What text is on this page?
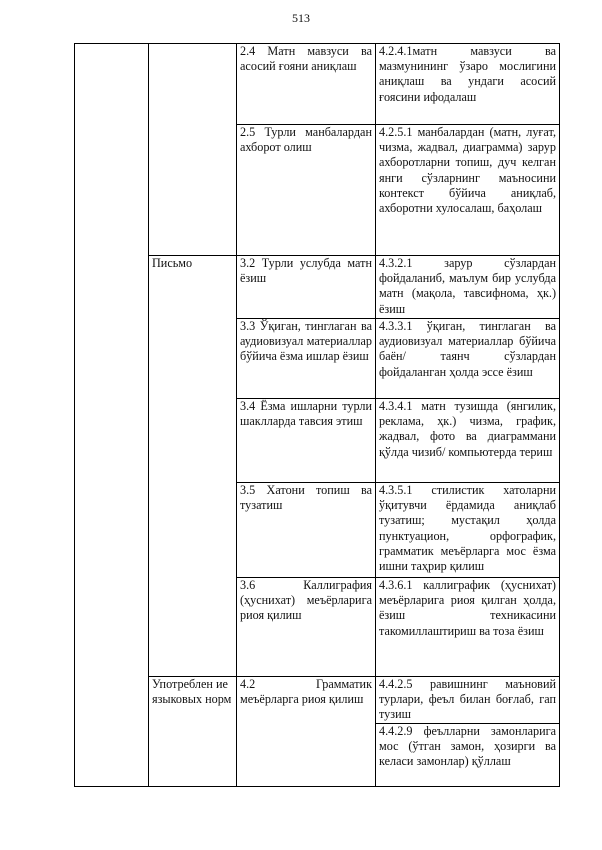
513
		2.4 Матн мавзуси ва асосий ғояни аниқлаш	4.2.4.1матн мавзуси ва мазмунининг ўзаро мослигини аниқлаш ва ундаги асосий ғоясини ифодалаш
		2.5 Турли манбалардан ахборот олиш	4.2.5.1 манбалардан (матн, луғат, чизма, жадвал, диаграмма) зарур ахборотларни топиш, дуч келган янги сўзларнинг маъносини контекст бўйича аниқлаб, ахборотни хулосалаш, баҳолаш
	Письмо	3.2 Турли услубда матн ёзиш	4.3.2.1 зарур сўзлардан фойдаланиб, маълум бир услубда матн (мақола, тавсифнома, ҳк.) ёзиш
		3.3 Ўқиган, тинглаган ва аудиовизуал материаллар бўйича ёзма ишлар ёзиш	4.3.3.1 ўқиган, тинглаган ва аудиовизуал материаллар бўйича баён/ таянч сўзлардан фойдаланган ҳолда эссе ёзиш
		3.4 Ёзма ишларни турли шаклларда тавсия этиш	4.3.4.1 матн тузишда (янгилик, реклама, ҳк.) чизма, график, жадвал, фото ва диаграммани қўлда чизиб/ компьютерда териш
		3.5 Хатони топиш ва тузатиш	4.3.5.1 стилистик хатоларни ўқитувчи ёрдамида аниқлаб тузатиш; мустақил ҳолда пунктуацион, орфографик, грамматик меъёрларга мос ёзма ишни таҳрир қилиш
		3.6 Каллиграфия (ҳуснихат) меъёрларига риоя қилиш	4.3.6.1 каллиграфик (ҳуснихат) меъёрларига риоя қилган ҳолда, ёзиш техникасини такомиллаштириш ва тоза ёзиш
	Употреблен ие языковых норм	4.2 Грамматик меъёрларга риоя қилиш	4.4.2.5 равишнинг маъновий турлари, феъл билан боғлаб, гап тузиш
			4.4.2.9 феълларни замонларига мос (ўтган замон, ҳозирги ва келаси замонлар) қўллаш
